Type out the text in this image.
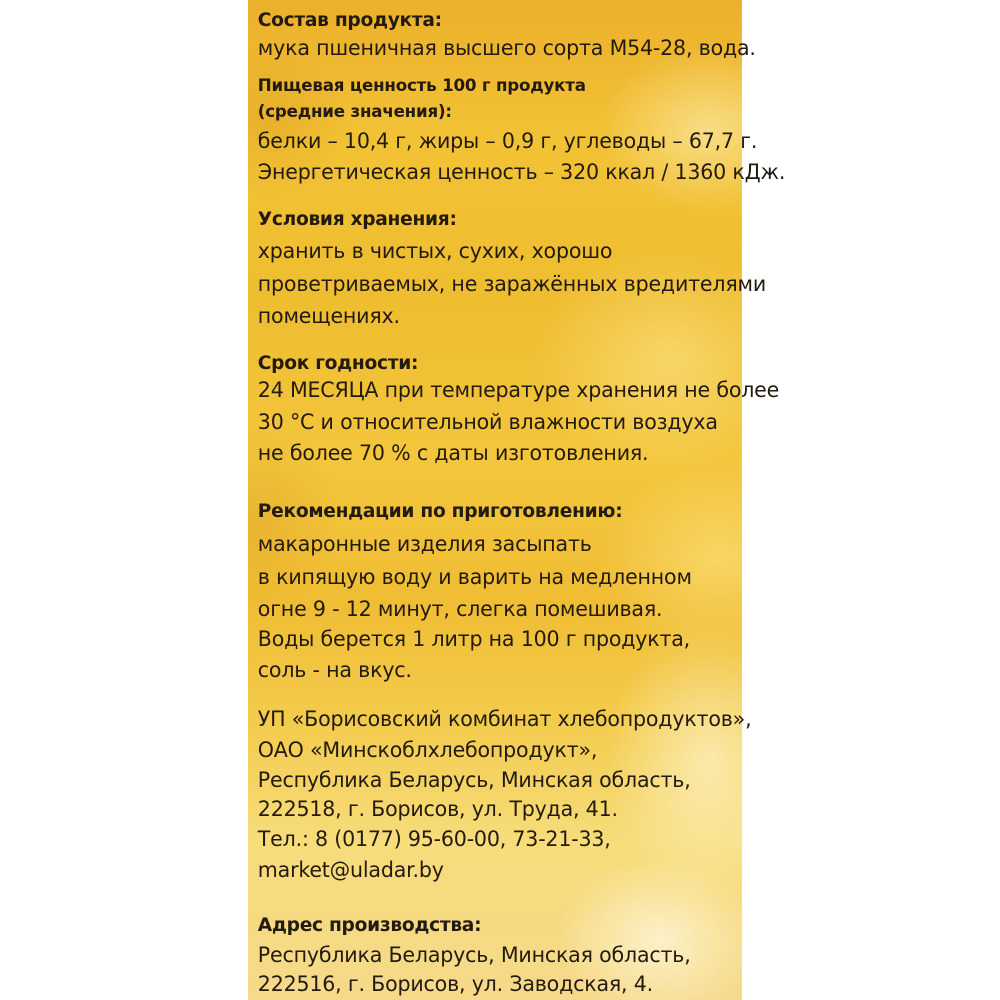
Состав продукта:
мука пшеничная высшего сорта М54-28, вода.
Пищевая ценность 100 г продукта
(средние значения):
белки – 10,4 г, жиры – 0,9 г, углеводы – 67,7 г.
Энергетическая ценность – 320 ккал / 1360 кДж.
Условия хранения:
хранить в чистых, сухих, хорошо
проветриваемых, не заражённых вредителями
помещениях.
Срок годности:
24 МЕСЯЦА при температуре хранения не более
30 °С и относительной влажности воздуха
не более 70 % с даты изготовления.
Рекомендации по приготовлению:
макаронные изделия засыпать
в кипящую воду и варить на медленном
огне 9 - 12 минут, слегка помешивая.
Воды берется 1 литр на 100 г продукта,
соль - на вкус.
УП «Борисовский комбинат хлебопродуктов»,
ОАО «Минскоблхлебопродукт»,
Республика Беларусь, Минская область,
222518, г. Борисов, ул. Труда, 41.
Тел.: 8 (0177) 95-60-00, 73-21-33,
market@uladar.by
Адрес производства:
Республика Беларусь, Минская область,
222516, г. Борисов, ул. Заводская, 4.
